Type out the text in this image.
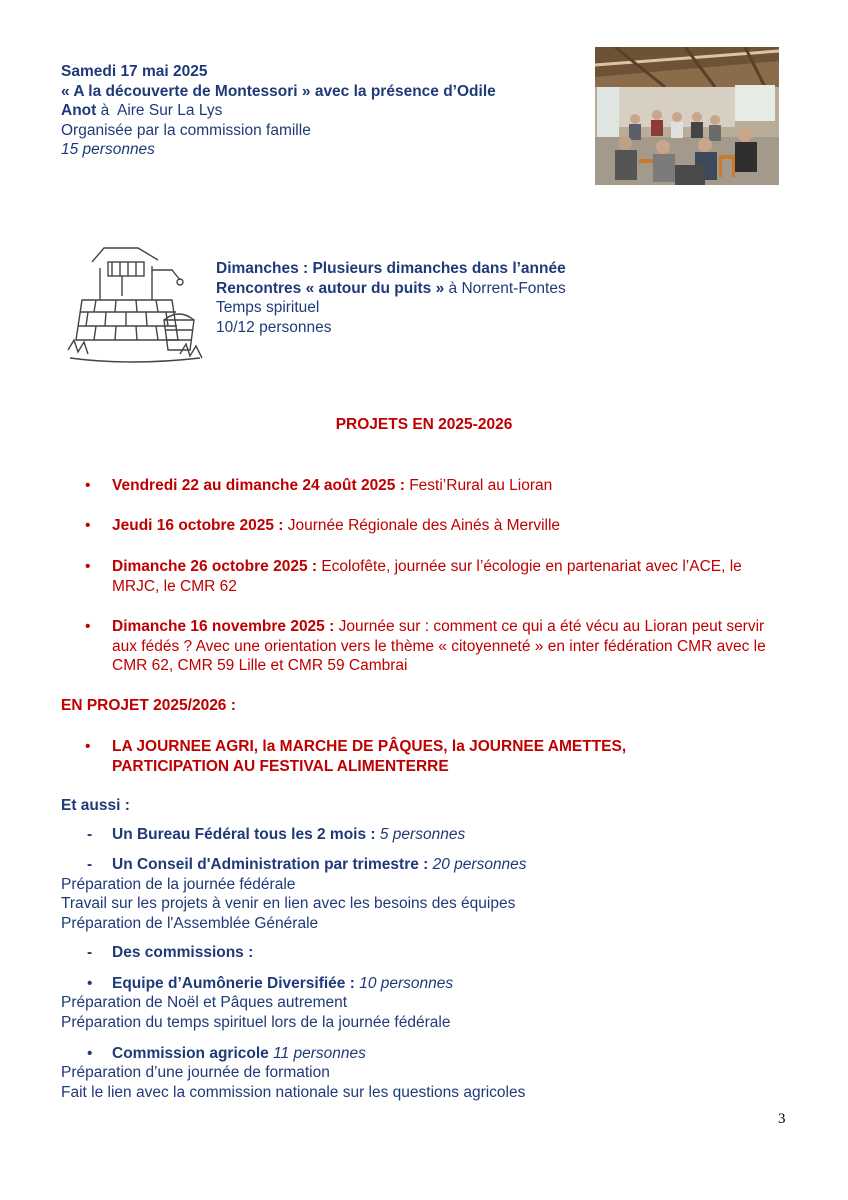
Samedi 17 mai 2025
« A la découverte de Montessori » avec la présence d’Odile
Anot à  Aire Sur La Lys
Organisée par la commission famille
15 personnes
Dimanches : Plusieurs dimanches dans l’année
Rencontres « autour du puits » à Norrent-Fontes
Temps spirituel
10/12 personnes
PROJETS EN 2025-2026
•	Vendredi 22 au dimanche 24 août 2025 : Festi’Rural au Lioran
•	Jeudi 16 octobre 2025 : Journée Régionale des Ainés à Merville
•	Dimanche 26 octobre 2025 : Ecolofête, journée sur l’écologie en partenariat avec l’ACE, le MRJC, le CMR 62
•	Dimanche 16 novembre 2025 : Journée sur : comment ce qui a été vécu au Lioran peut servir aux fédés ? Avec une orientation vers le thème « citoyenneté » en inter fédération CMR avec le CMR 62, CMR 59 Lille et CMR 59 Cambrai
EN PROJET 2025/2026 :
•	LA JOURNEE AGRI, la MARCHE DE PÂQUES, la JOURNEE AMETTES,
PARTICIPATION AU FESTIVAL ALIMENTERRE
Et aussi :
- Un Bureau Fédéral tous les 2 mois : 5 personnes
- Un Conseil d'Administration par trimestre : 20 personnes
Préparation de la journée fédérale
Travail sur les projets à venir en lien avec les besoins des équipes
Préparation de l'Assemblée Générale
- Des commissions :
• Equipe d’Aumônerie Diversifiée : 10 personnes
Préparation de Noël et Pâques autrement
Préparation du temps spirituel lors de la journée fédérale
• Commission agricole 11 personnes
Préparation d’une journée de formation
Fait le lien avec la commission nationale sur les questions agricoles
3
